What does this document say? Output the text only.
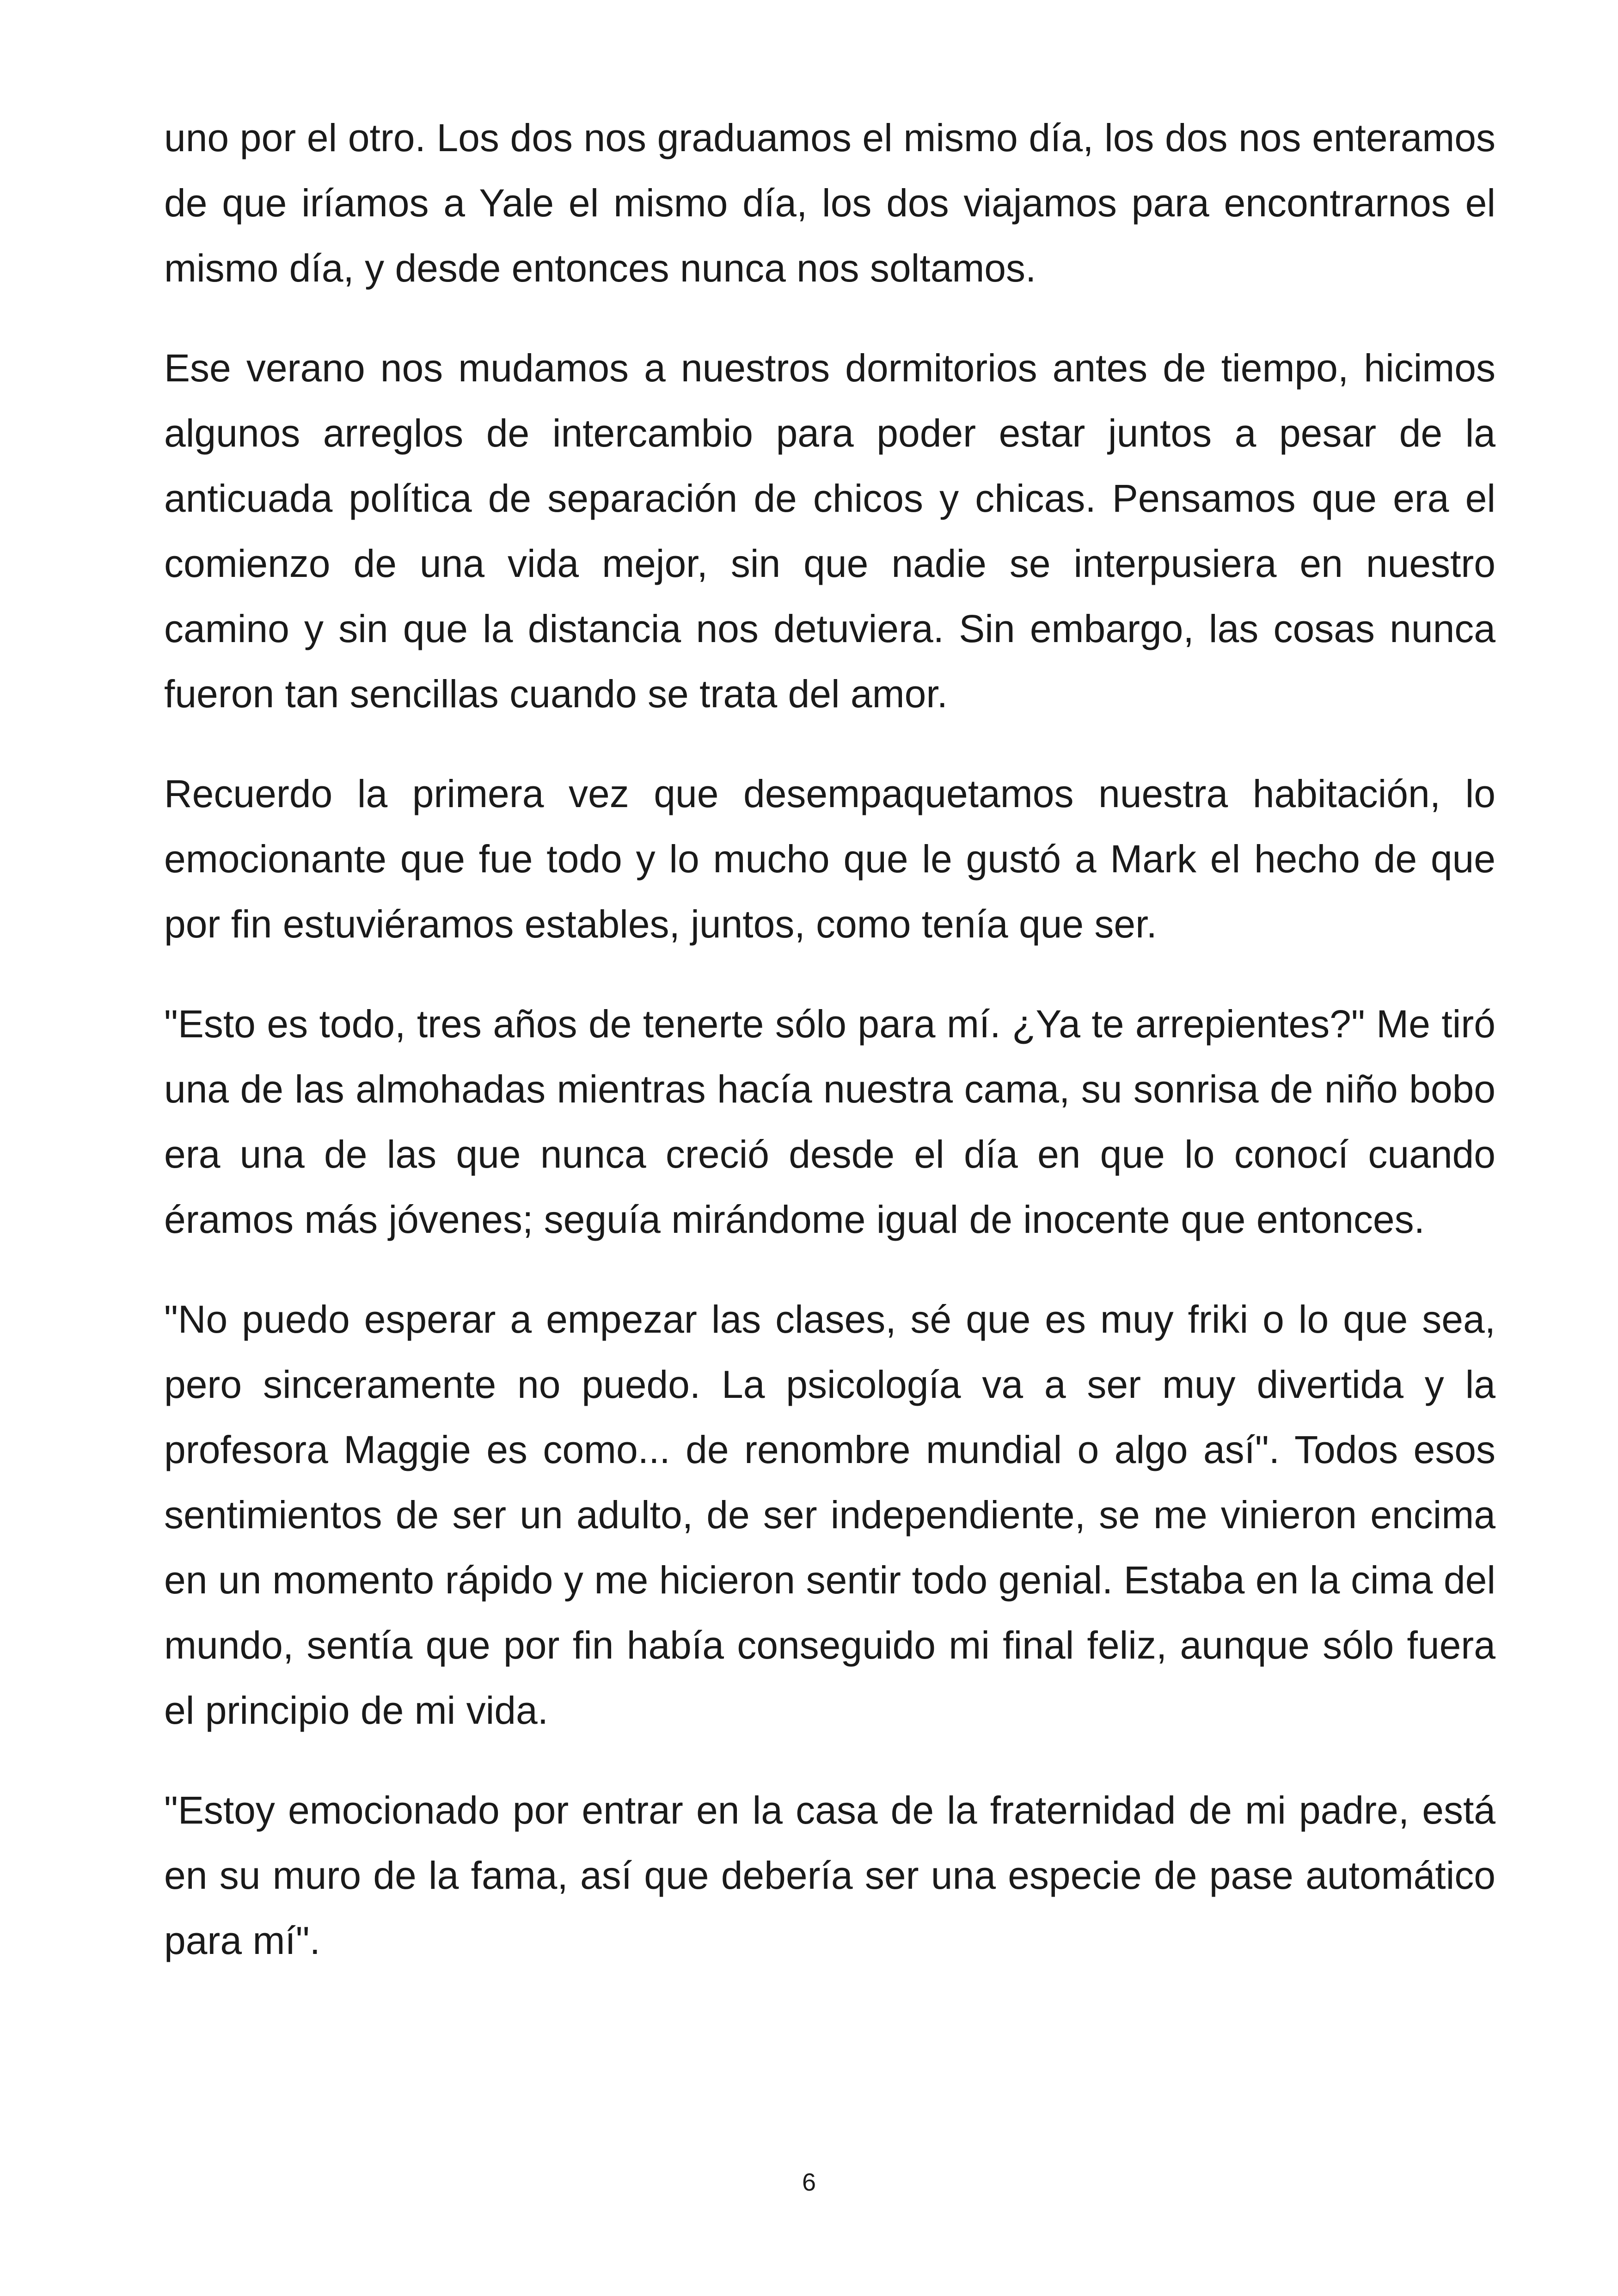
uno por el otro. Los dos nos graduamos el mismo día, los dos nos enteramos de que iríamos a Yale el mismo día, los dos viajamos para encontrarnos el mismo día, y desde entonces nunca nos soltamos.

Ese verano nos mudamos a nuestros dormitorios antes de tiempo, hicimos algunos arreglos de intercambio para poder estar juntos a pesar de la anticuada política de separación de chicos y chicas. Pensamos que era el comienzo de una vida mejor, sin que nadie se interpusiera en nuestro camino y sin que la distancia nos detuviera. Sin embargo, las cosas nunca fueron tan sencillas cuando se trata del amor.

Recuerdo la primera vez que desempaquetamos nuestra habitación, lo emocionante que fue todo y lo mucho que le gustó a Mark el hecho de que por fin estuviéramos estables, juntos, como tenía que ser.

"Esto es todo, tres años de tenerte sólo para mí. ¿Ya te arrepientes?" Me tiró una de las almohadas mientras hacía nuestra cama, su sonrisa de niño bobo era una de las que nunca creció desde el día en que lo conocí cuando éramos más jóvenes; seguía mirándome igual de inocente que entonces.

"No puedo esperar a empezar las clases, sé que es muy friki o lo que sea, pero sinceramente no puedo. La psicología va a ser muy divertida y la profesora Maggie es como... de renombre mundial o algo así". Todos esos sentimientos de ser un adulto, de ser independiente, se me vinieron encima en un momento rápido y me hicieron sentir todo genial. Estaba en la cima del mundo, sentía que por fin había conseguido mi final feliz, aunque sólo fuera el principio de mi vida.

"Estoy emocionado por entrar en la casa de la fraternidad de mi padre, está en su muro de la fama, así que debería ser una especie de pase automático para mí".

6
